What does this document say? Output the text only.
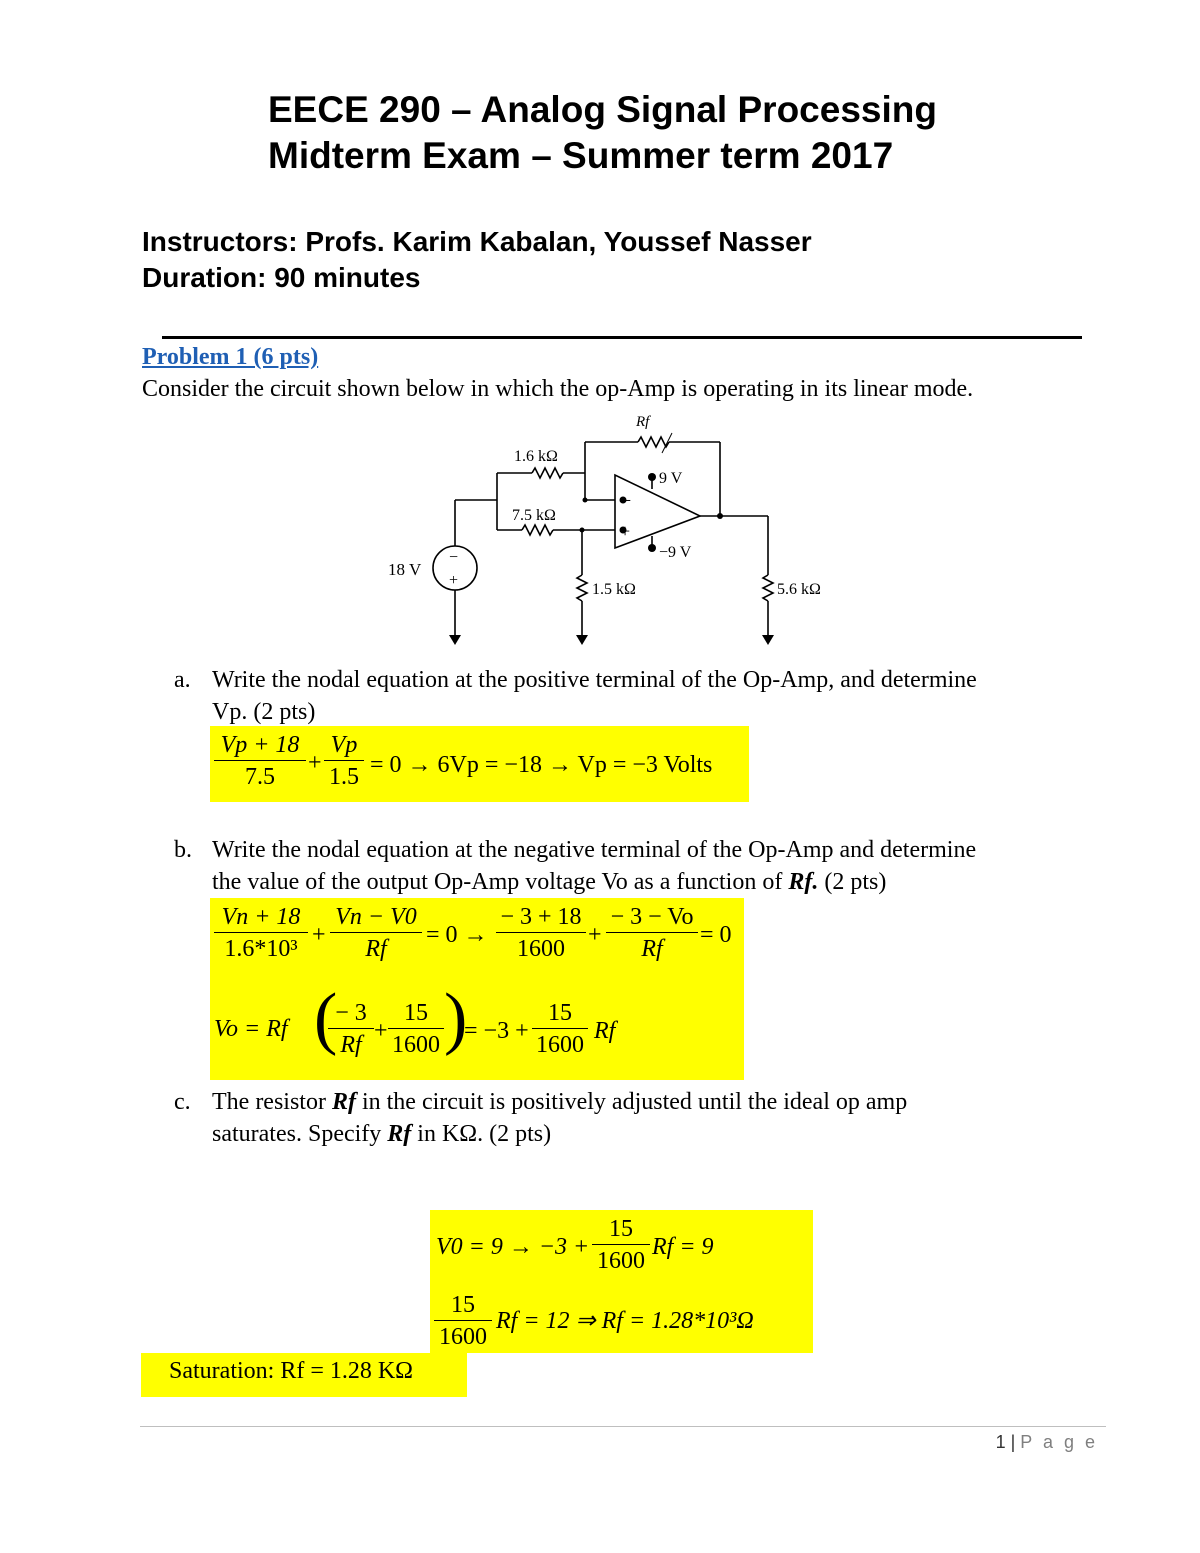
EECE 290 – Analog Signal Processing
Midterm Exam – Summer term 2017
Instructors: Profs. Karim Kabalan, Youssef Nasser
Duration: 90 minutes
Problem 1 (6 pts)
Consider the circuit shown below in which the op-Amp is operating in its linear mode.
−
+
18 V
1.6 kΩ
7.5 kΩ
1.5 kΩ	5.6 kΩ
Rf
9 V
−9 V
−
+
a. Write the nodal equation at the positive terminal of the Op-Amp, and determine
Vp. (2 pts)
$\frac{Vp + 18}{7.5} + \frac{Vp}{1.5} = 0 \to 6Vp = -18 \to Vp = -3$ Volts
b. Write the nodal equation at the negative terminal of the Op-Amp and determine
the value of the output Op-Amp voltage Vo as a function of Rf. (2 pts)
$\frac{Vn + 18}{\text{1.6*10³}} + \frac{Vn - V0}{Rf} = 0 \to \frac{- 3 + 18}{1600} + \frac{- 3 - Vo}{Rf} = 0$
Vo = Rf (
$\frac{- 3}{Rf} + \frac{15}{1600}$ )
= $-3 + \frac{15}{1600}$ Rf
c. The resistor Rf in the circuit is positively adjusted until the ideal op amp
saturates. Specify Rf in KΩ. (2 pts)
$V0 = 9 \to -3 + \frac{15}{1600}$ Rf = 9
$\frac{15}{1600}$ Rf = 12 ⇒ Rf = 1.28*10³Ω
Saturation: Rf = 1.28 KΩ
1 | P a g e
